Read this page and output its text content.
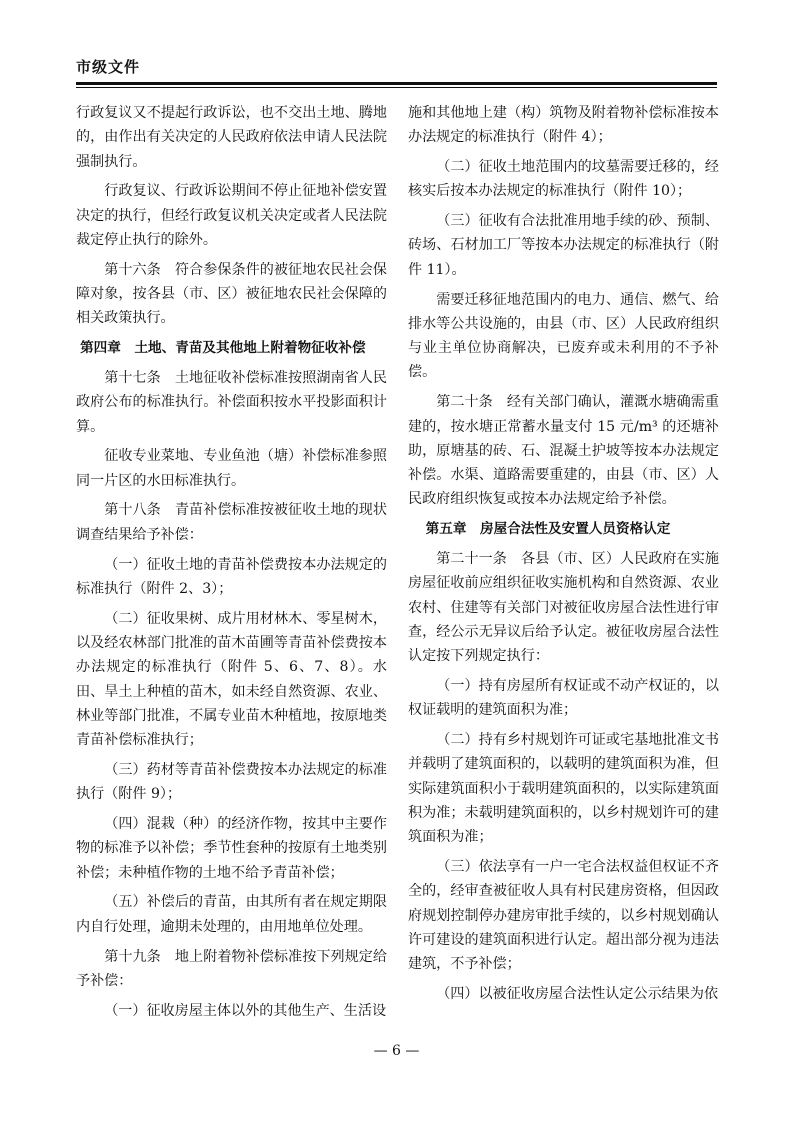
市级文件

行政复议又不提起行政诉讼，也不交出土地、腾地的，由作出有关决定的人民政府依法申请人民法院强制执行。

行政复议、行政诉讼期间不停止征地补偿安置决定的执行，但经行政复议机关决定或者人民法院裁定停止执行的除外。

第十六条　符合参保条件的被征地农民社会保障对象，按各县（市、区）被征地农民社会保障的相关政策执行。

第四章　土地、青苗及其他地上附着物征收补偿

第十七条　土地征收补偿标准按照湖南省人民政府公布的标准执行。补偿面积按水平投影面积计算。

征收专业菜地、专业鱼池（塘）补偿标准参照同一片区的水田标准执行。

第十八条　青苗补偿标准按被征收土地的现状调查结果给予补偿：

（一）征收土地的青苗补偿费按本办法规定的标准执行（附件 2、3）；

（二）征收果树、成片用材林木、零星树木，以及经农林部门批准的苗木苗圃等青苗补偿费按本办法规定的标准执行（附件 5、6、7、8）。水田、旱土上种植的苗木，如未经自然资源、农业、林业等部门批准，不属专业苗木种植地，按原地类青苗补偿标准执行；

（三）药材等青苗补偿费按本办法规定的标准执行（附件 9）；

（四）混栽（种）的经济作物，按其中主要作物的标准予以补偿；季节性套种的按原有土地类别补偿；未种植作物的土地不给予青苗补偿；

（五）补偿后的青苗，由其所有者在规定期限内自行处理，逾期未处理的，由用地单位处理。

第十九条　地上附着物补偿标准按下列规定给予补偿：

（一）征收房屋主体以外的其他生产、生活设

施和其他地上建（构）筑物及附着物补偿标准按本办法规定的标准执行（附件 4）；

（二）征收土地范围内的坟墓需要迁移的，经核实后按本办法规定的标准执行（附件 10）；

（三）征收有合法批准用地手续的砂、预制、砖场、石材加工厂等按本办法规定的标准执行（附件 11）。

需要迁移征地范围内的电力、通信、燃气、给排水等公共设施的，由县（市、区）人民政府组织与业主单位协商解决，已废弃或未利用的不予补偿。

第二十条　经有关部门确认，灌溉水塘确需重建的，按水塘正常蓄水量支付 15 元/m³ 的还塘补助，原塘基的砖、石、混凝土护坡等按本办法规定补偿。水渠、道路需要重建的，由县（市、区）人民政府组织恢复或按本办法规定给予补偿。

第五章　房屋合法性及安置人员资格认定

第二十一条　各县（市、区）人民政府在实施房屋征收前应组织征收实施机构和自然资源、农业农村、住建等有关部门对被征收房屋合法性进行审查，经公示无异议后给予认定。被征收房屋合法性认定按下列规定执行：

（一）持有房屋所有权证或不动产权证的，以权证载明的建筑面积为准；

（二）持有乡村规划许可证或宅基地批准文书并载明了建筑面积的，以载明的建筑面积为准，但实际建筑面积小于载明建筑面积的，以实际建筑面积为准；未载明建筑面积的，以乡村规划许可的建筑面积为准；

（三）依法享有一户一宅合法权益但权证不齐全的，经审查被征收人具有村民建房资格，但因政府规划控制停办建房审批手续的，以乡村规划确认许可建设的建筑面积进行认定。超出部分视为违法建筑，不予补偿；

（四）以被征收房屋合法性认定公示结果为依

— 6 —
